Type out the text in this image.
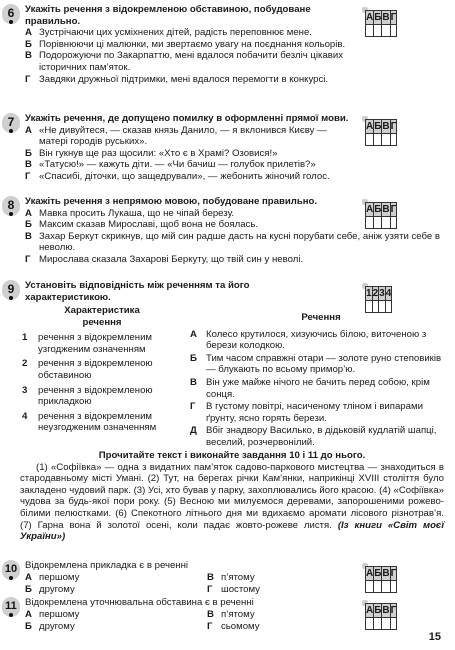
6	Укажіть речення з відокремленою обставиною, побудоване правильно.
А Зустрічаючи цих усміхнених дітей, радість переповнює мене.
Б Порівнюючи ці малюнки, ми звертаємо увагу на поєднання кольорів.
В Подорожуючи по Закарпаттю, мені вдалося побачити безліч цікавих історичних пам’яток.
Г Завдяки дружньої підтримки, мені вдалося перемогти в конкурсі.
А	Б	В	Г

7	Укажіть речення, де допущено помилку в оформленні прямої мови.
А «Не дивуйтеся, — сказав князь Данило, — я вклонився Києву — матері городів руських».
Б Він гукнув ще раз щосили: «Хто є в Храмі? Озовися!»
В «Татусю!» — кажуть діти. — «Чи бачиш — голубок прилетів?»
Г «Спасибі, діточки, що защедрували», — жебонить жіночий голос.
А	Б	В	Г

8	Укажіть речення з непрямою мовою, побудоване правильно.
А Мавка просить Лукаша, що не чіпай березу.
Б Максим сказав Мирославі, щоб вона не боялась.
В Захар Беркут скрикнув, що мій син радше дасть на кусні порубати себе, аніж узяти себе в неволю.
Г Мирослава сказала Захарові Беркуту, що твій син у неволі.
А	Б	В	Г

9	Установіть відповідність між реченням та його характеристикою.	1	2	3	4

Характеристика речення
1 речення з відокремленим узгодженим означенням
2 речення з відокремленою обставиною
3 речення з відокремленою прикладкою
4 речення з відокремленим неузгодженим означенням
Речення
А Колесо крутилося, хизуючись білою, виточеною з берези колодкою.
Б Тим часом справжні отари — золоте руно степовиків — блукають по всьому примор’ю.
В Він уже майже нічого не бачить перед собою, крім сонця.
Г В густому повітрі, насиченому тліном і випарами ґрунту, ясно горять берези.
Д Вбіг знадвору Василько, в дідьковій кудлатій шапці, веселий, розчервонілий.
Прочитайте текст і виконайте завдання 10 і 11 до нього.
(1) «Софіївка» — одна з видатних пам’яток садово-паркового мистецтва — знаходиться в стародавньому місті Умані. (2) Тут, на берегах річки Кам’янки, наприкінці XVIII століття було закладено чудовий парк. (3) Усі, хто бував у парку, захоплювались його красою. (4) «Софіївка» чудова за будь-якої пори року. (5) Весною ми милуємося деревами, запорошеними рожево-білими пелюстками. (6) Спекотного літнього дня ми вдихаємо аромати лісового різнотрав’я. (7) Гарна вона й золотої осені, коли падає жовто-рожеве листя. (Із книги «Світ моєї України»)
10 Відокремлена прикладка є в реченні
А першому
Б другому
В п’ятому
Г шостому
А	Б	В	Г

11 Відокремлена уточнювальна обставина є в реченні
А першому
Б другому
В п’ятому
Г сьомому
А	Б	В	Г

15
